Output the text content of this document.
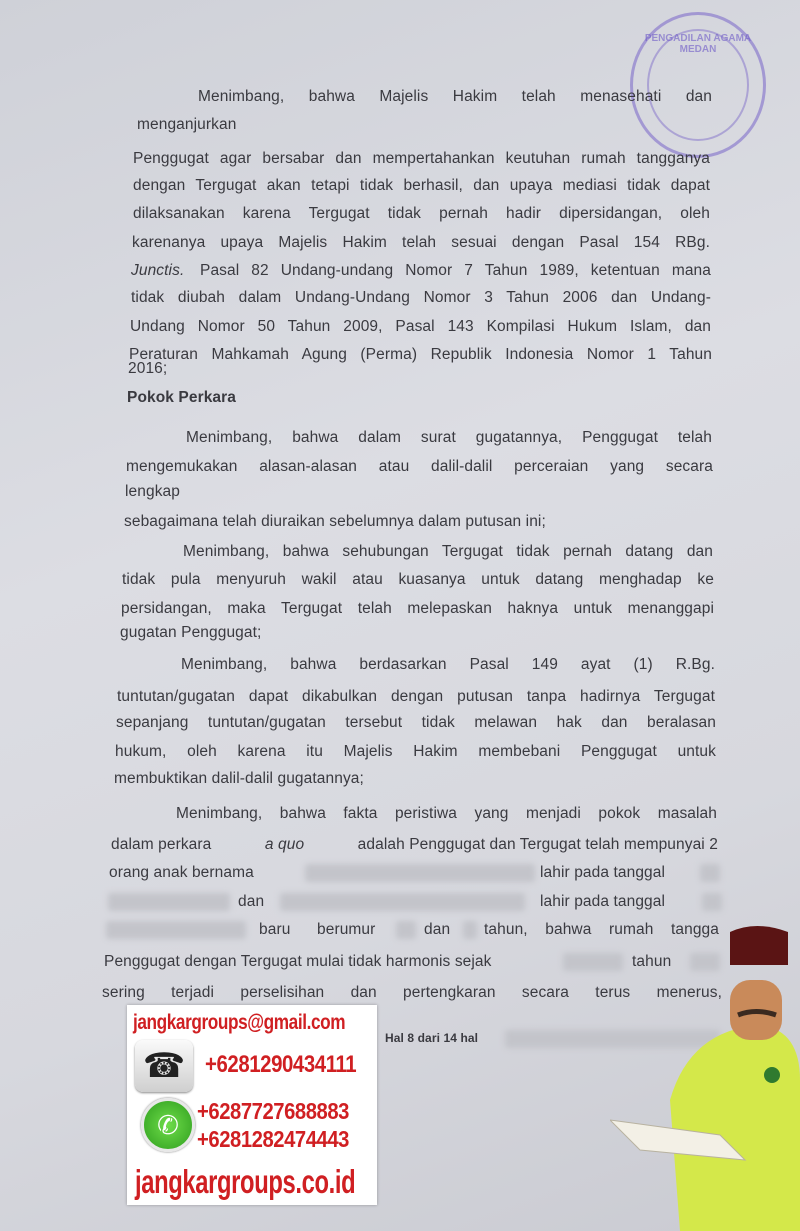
PENGADILAN AGAMA MEDAN
Menimbang, bahwa Majelis Hakim telah menasehati dan
menganjurkan
Penggugat agar bersabar dan mempertahankan keutuhan rumah tangganya
dengan Tergugat akan tetapi tidak berhasil, dan upaya mediasi tidak dapat
dilaksanakan karena Tergugat tidak pernah hadir dipersidangan, oleh
karenanya upaya Majelis Hakim telah sesuai dengan Pasal 154 RBg.
Junctis. Pasal 82 Undang-undang Nomor 7 Tahun 1989, ketentuan mana
tidak diubah dalam Undang-Undang Nomor 3 Tahun 2006 dan Undang-
Undang Nomor 50 Tahun 2009, Pasal 143 Kompilasi Hukum Islam, dan
Peraturan Mahkamah Agung (Perma) Republik Indonesia Nomor 1 Tahun
2016;
Pokok Perkara
Menimbang, bahwa dalam surat gugatannya, Penggugat telah
mengemukakan alasan-alasan atau dalil-dalil perceraian yang secara
lengkap
sebagaimana telah diuraikan sebelumnya dalam putusan ini;
Menimbang, bahwa sehubungan Tergugat tidak pernah datang dan
tidak pula menyuruh wakil atau kuasanya untuk datang menghadap ke
persidangan, maka Tergugat telah melepaskan haknya untuk menanggapi
gugatan Penggugat;
Menimbang, bahwa berdasarkan Pasal 149 ayat (1) R.Bg.
tuntutan/gugatan dapat dikabulkan dengan putusan tanpa hadirnya Tergugat
sepanjang tuntutan/gugatan tersebut tidak melawan hak dan beralasan
hukum, oleh karena itu Majelis Hakim membebani Penggugat untuk
membuktikan dalil-dalil gugatannya;
Menimbang, bahwa fakta peristiwa yang menjadi pokok masalah
dalam perkara	a quo	adalah Penggugat dan Tergugat telah mempunyai 2
orang anak bernama	lahir pada tanggal
dan	lahir pada tanggal
baru berumur	dan tahun, bahwa rumah tangga
Penggugat dengan Tergugat mulai tidak harmonis sejak	tahun
sering terjadi perselisihan dan pertengkaran secara terus menerus,
Hal 8 dari 14 hal
jangkargroups@gmail.com
☎ +6281290434111
✆ +6287727688883
+6281282474443
jangkargroups.co.id
